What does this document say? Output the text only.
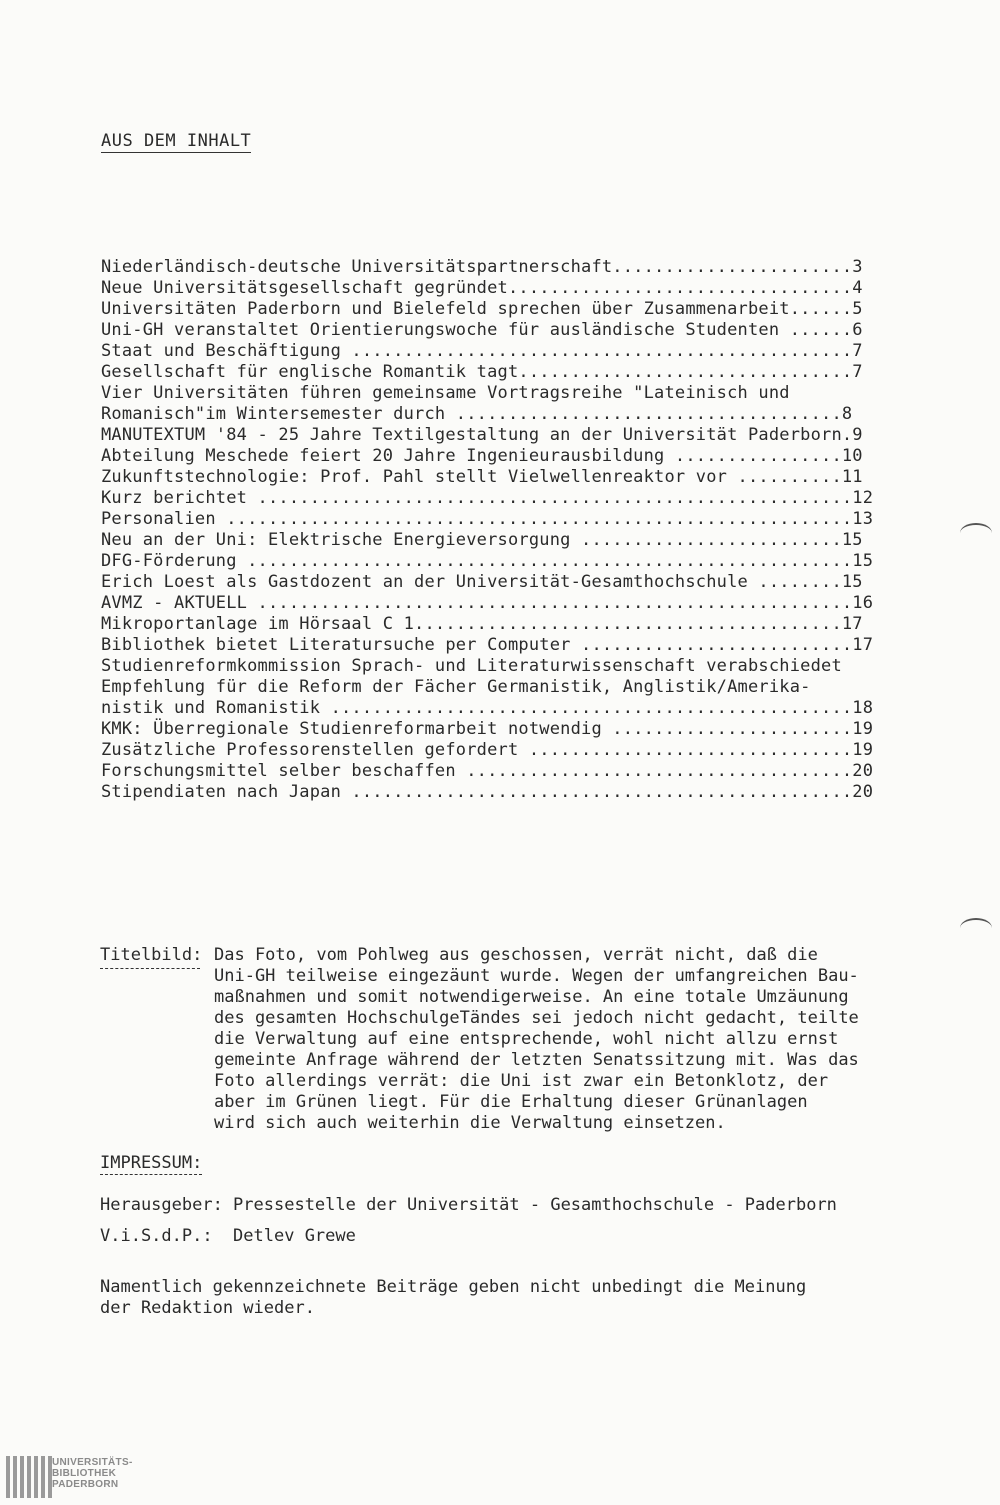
AUS DEM INHALT
Niederländisch-deutsche Universitätspartnerschaft.......................3
Neue Universitätsgesellschaft gegründet.................................4
Universitäten Paderborn und Bielefeld sprechen über Zusammenarbeit......5
Uni-GH veranstaltet Orientierungswoche für ausländische Studenten ......6
Staat und Beschäftigung ................................................7
Gesellschaft für englische Romantik tagt................................7
Vier Universitäten führen gemeinsame Vortragsreihe "Lateinisch und
Romanisch"im Wintersemester durch .....................................8
MANUTEXTUM '84 - 25 Jahre Textilgestaltung an der Universität Paderborn.9
Abteilung Meschede feiert 20 Jahre Ingenieurausbildung ................10
Zukunftstechnologie: Prof. Pahl stellt Vielwellenreaktor vor ..........11
Kurz berichtet .........................................................12
Personalien ............................................................13
Neu an der Uni: Elektrische Energieversorgung .........................15
DFG-Förderung ..........................................................15
Erich Loest als Gastdozent an der Universität-Gesamthochschule ........15
AVMZ - AKTUELL .........................................................16
Mikroportanlage im Hörsaal C 1.........................................17
Bibliothek bietet Literatursuche per Computer ..........................17
Studienreformkommission Sprach- und Literaturwissenschaft verabschiedet
Empfehlung für die Reform der Fächer Germanistik, Anglistik/Amerika-
nistik und Romanistik ..................................................18
KMK: Überregionale Studienreformarbeit notwendig .......................19
Zusätzliche Professorenstellen gefordert ...............................19
Forschungsmittel selber beschaffen .....................................20
Stipendiaten nach Japan ................................................20
Titelbild: Das Foto, vom Pohlweg aus geschossen, verrät nicht, daß die
Uni-GH teilweise eingezäunt wurde. Wegen der umfangreichen Bau-
maßnahmen und somit notwendigerweise. An eine totale Umzäunung
des gesamten HochschulgeTändes sei jedoch nicht gedacht, teilte
die Verwaltung auf eine entsprechende, wohl nicht allzu ernst
gemeinte Anfrage während der letzten Senatssitzung mit. Was das
Foto allerdings verrät: die Uni ist zwar ein Betonklotz, der
aber im Grünen liegt. Für die Erhaltung dieser Grünanlagen
wird sich auch weiterhin die Verwaltung einsetzen.
IMPRESSUM:
Herausgeber: Pressestelle der Universität - Gesamthochschule - Paderborn
V.i.S.d.P.:  Detlev Grewe
Namentlich gekennzeichnete Beiträge geben nicht unbedingt die Meinung
der Redaktion wieder.
UNIVERSITÄTS-
BIBLIOTHEK
PADERBORN
